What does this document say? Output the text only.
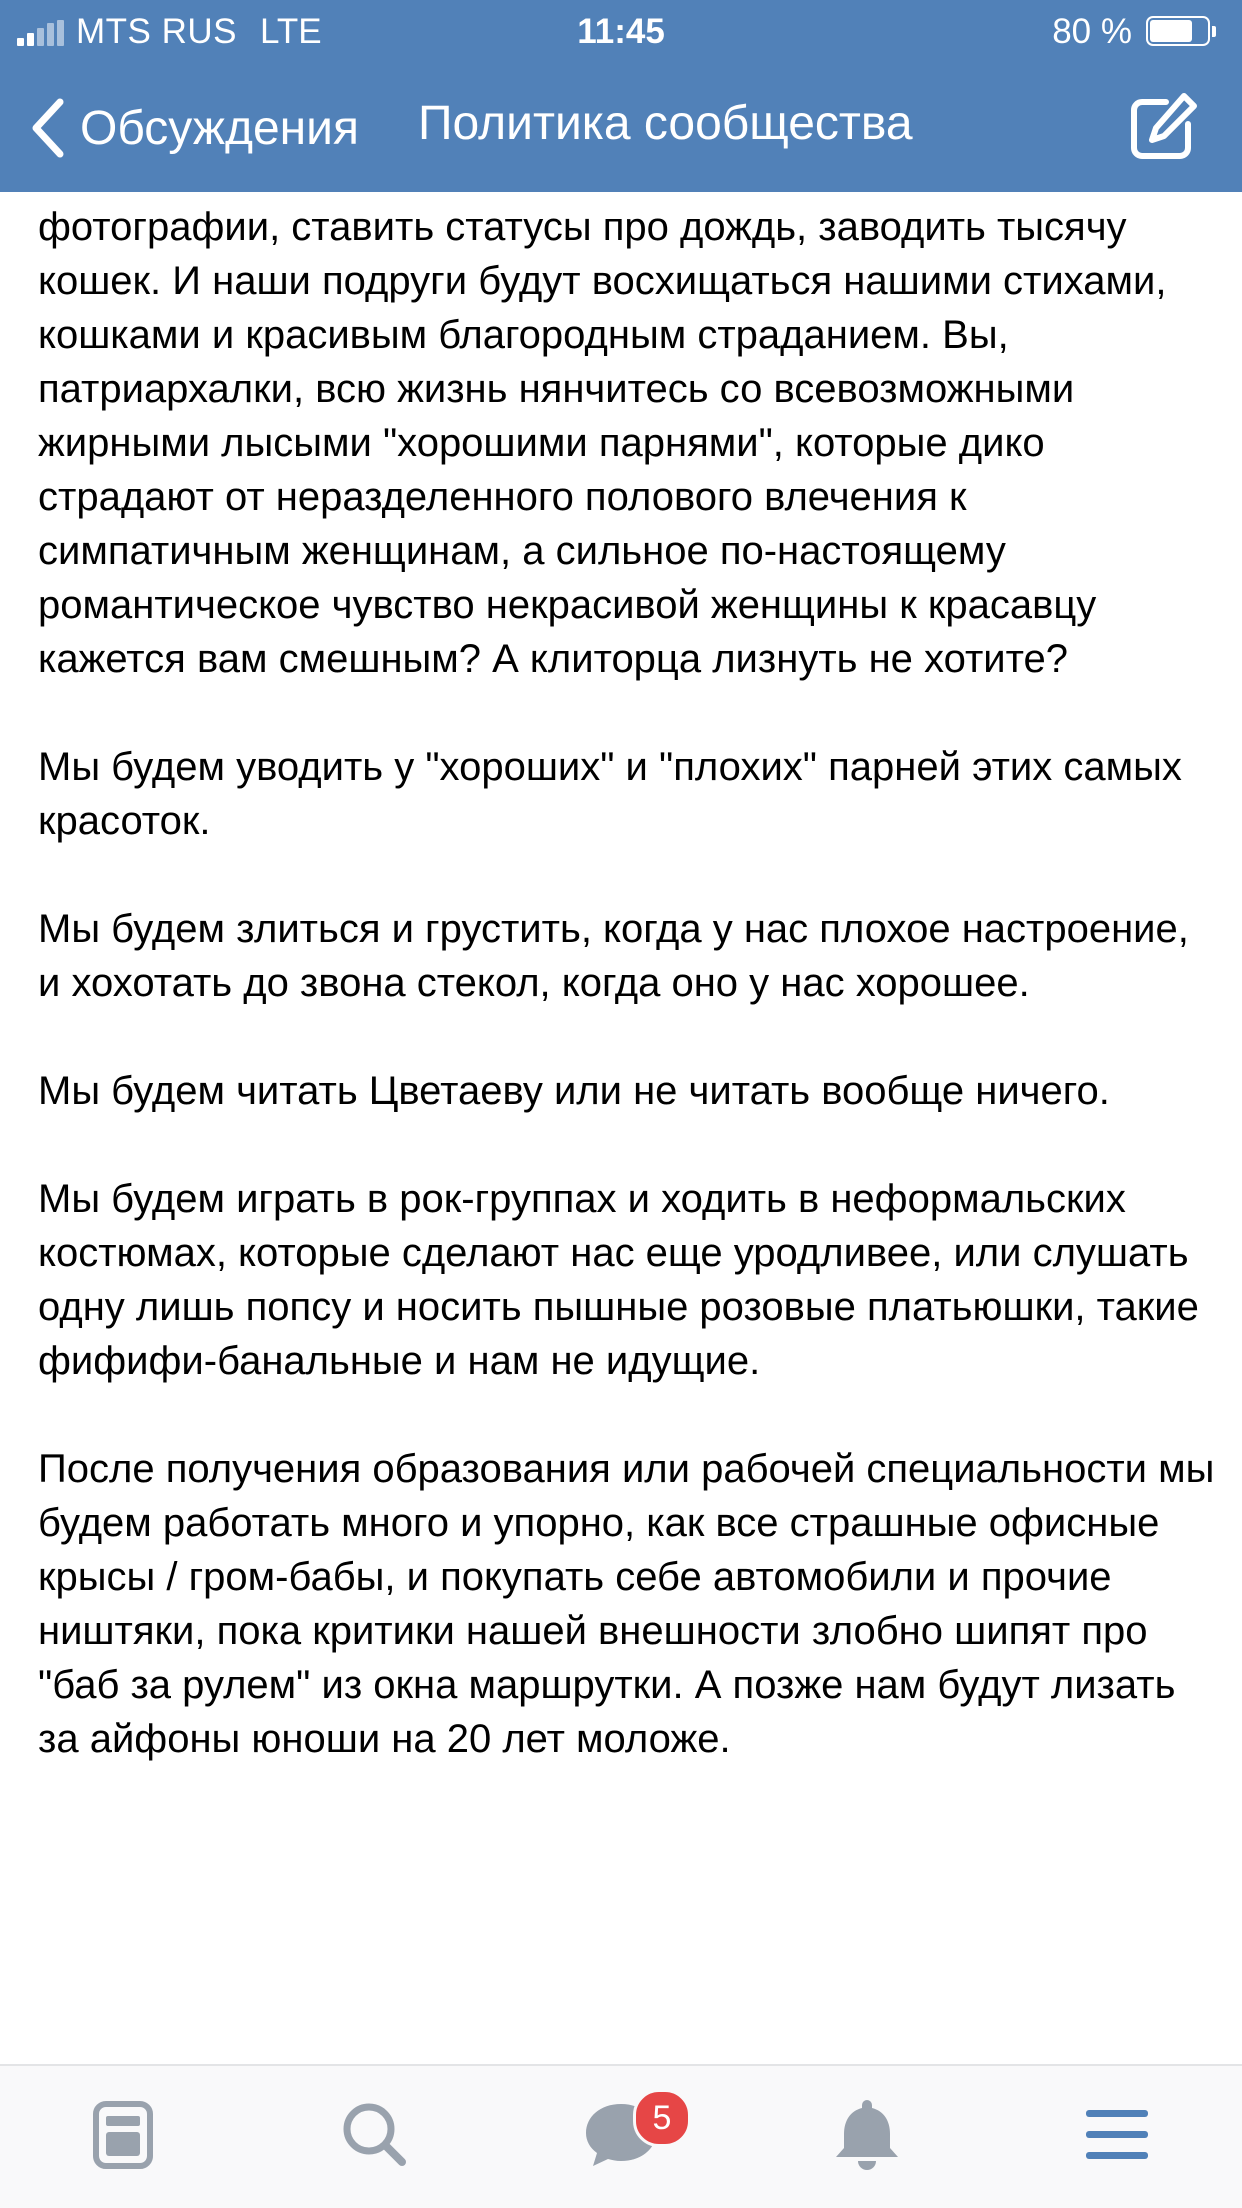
MTS RUS LTE	11:45	80 %
Обсуждения Политика сообщества

фотографии, ставить статусы про дождь, заводить тысячу кошек. И наши подруги будут восхищаться нашими стихами, кошками и красивым благородным страданием. Вы, патриархалки, всю жизнь нянчитесь со всевозможными жирными лысыми "хорошими парнями", которые дико страдают от неразделенного полового влечения к симпатичным женщинам, а сильное по-настоящему романтическое чувство некрасивой женщины к красавцу кажется вам смешным? А клиторца лизнуть не хотите?

Мы будем уводить у "хороших" и "плохих" парней этих самых красоток.

Мы будем злиться и грустить, когда у нас плохое настроение, и хохотать до звона стекол, когда оно у нас хорошее.

Мы будем читать Цветаеву или не читать вообще ничего.

Мы будем играть в рок-группах и ходить в неформальских костюмах, которые сделают нас еще уродливее, или слушать одну лишь попсу и носить пышные розовые платьюшки, такие фифифи-банальные и нам не идущие.

После получения образования или рабочей специальности мы будем работать много и упорно, как все страшные офисные крысы / гром-бабы, и покупать себе автомобили и прочие ништяки, пока критики нашей внешности злобно шипят про "баб за рулем" из окна маршрутки. А позже нам будут лизать за айфоны юноши на 20 лет моложе.

5
